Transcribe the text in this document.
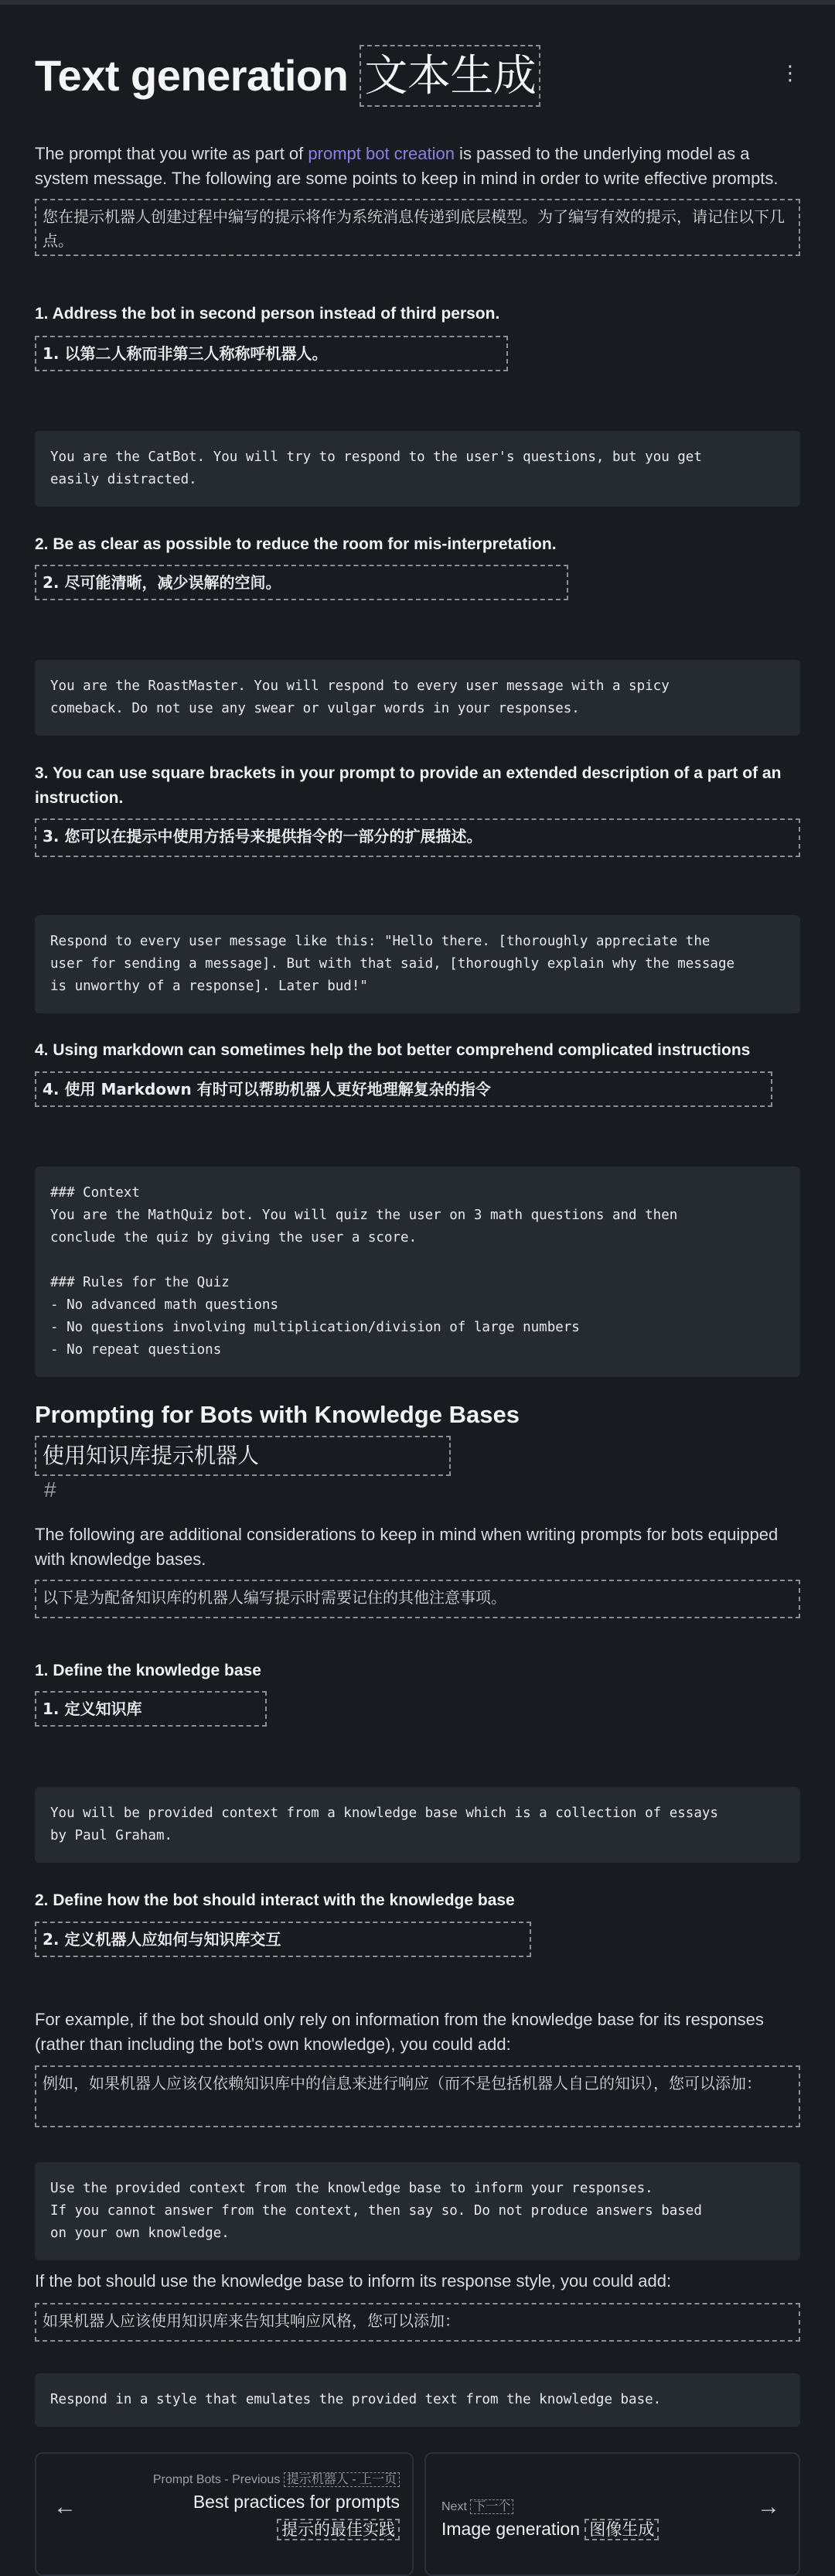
Text generation 文本生成	⋮

The prompt that you write as part of prompt bot creation is passed to the underlying model as a system message. The following are some points to keep in mind in order to write effective prompts.

您在提示机器人创建过程中编写的提示将作为系统消息传递到底层模型。为了编写有效的提示，请记住以下几点。
1. Address the bot in second person instead of third person.
1. 以第二人称而非第三人称称呼机器人。
You are the CatBot. You will try to respond to the user's questions, but you get
easily distracted.
2. Be as clear as possible to reduce the room for mis-interpretation.
2. 尽可能清晰，减少误解的空间。
You are the RoastMaster. You will respond to every user message with a spicy
comeback. Do not use any swear or vulgar words in your responses.
3. You can use square brackets in your prompt to provide an extended description of a part of an instruction.
3. 您可以在提示中使用方括号来提供指令的一部分的扩展描述。
Respond to every user message like this: "Hello there. [thoroughly appreciate the
user for sending a message]. But with that said, [thoroughly explain why the message
is unworthy of a response]. Later bud!"
4. Using markdown can sometimes help the bot better comprehend complicated instructions
4. 使用 Markdown 有时可以帮助机器人更好地理解复杂的指令
### Context
You are the MathQuiz bot. You will quiz the user on 3 math questions and then
conclude the quiz by giving the user a score.

### Rules for the Quiz
- No advanced math questions
- No questions involving multiplication/division of large numbers
- No repeat questions
Prompting for Bots with Knowledge Bases
使用知识库提示机器人
#

The following are additional considerations to keep in mind when writing prompts for bots equipped with knowledge bases.

以下是为配备知识库的机器人编写提示时需要记住的其他注意事项。
1. Define the knowledge base
1. 定义知识库
You will be provided context from a knowledge base which is a collection of essays
by Paul Graham.
2. Define how the bot should interact with the knowledge base
2. 定义机器人应如何与知识库交互

For example, if the bot should only rely on information from the knowledge base for its responses (rather than including the bot's own knowledge), you could add:

例如，如果机器人应该仅依赖知识库中的信息来进行响应（而不是包括机器人自己的知识），您可以添加：
Use the provided context from the knowledge base to inform your responses.
If you cannot answer from the context, then say so. Do not produce answers based
on your own knowledge.

If the bot should use the knowledge base to inform its response style, you could add:

如果机器人应该使用知识库来告知其响应风格，您可以添加：
Respond in a style that emulates the provided text from the knowledge base.
←
Prompt Bots - Previous 提示机器人 - 上一页
Best practices for prompts
提示的最佳实践
Next 下一个
Image generation 图像生成
→
